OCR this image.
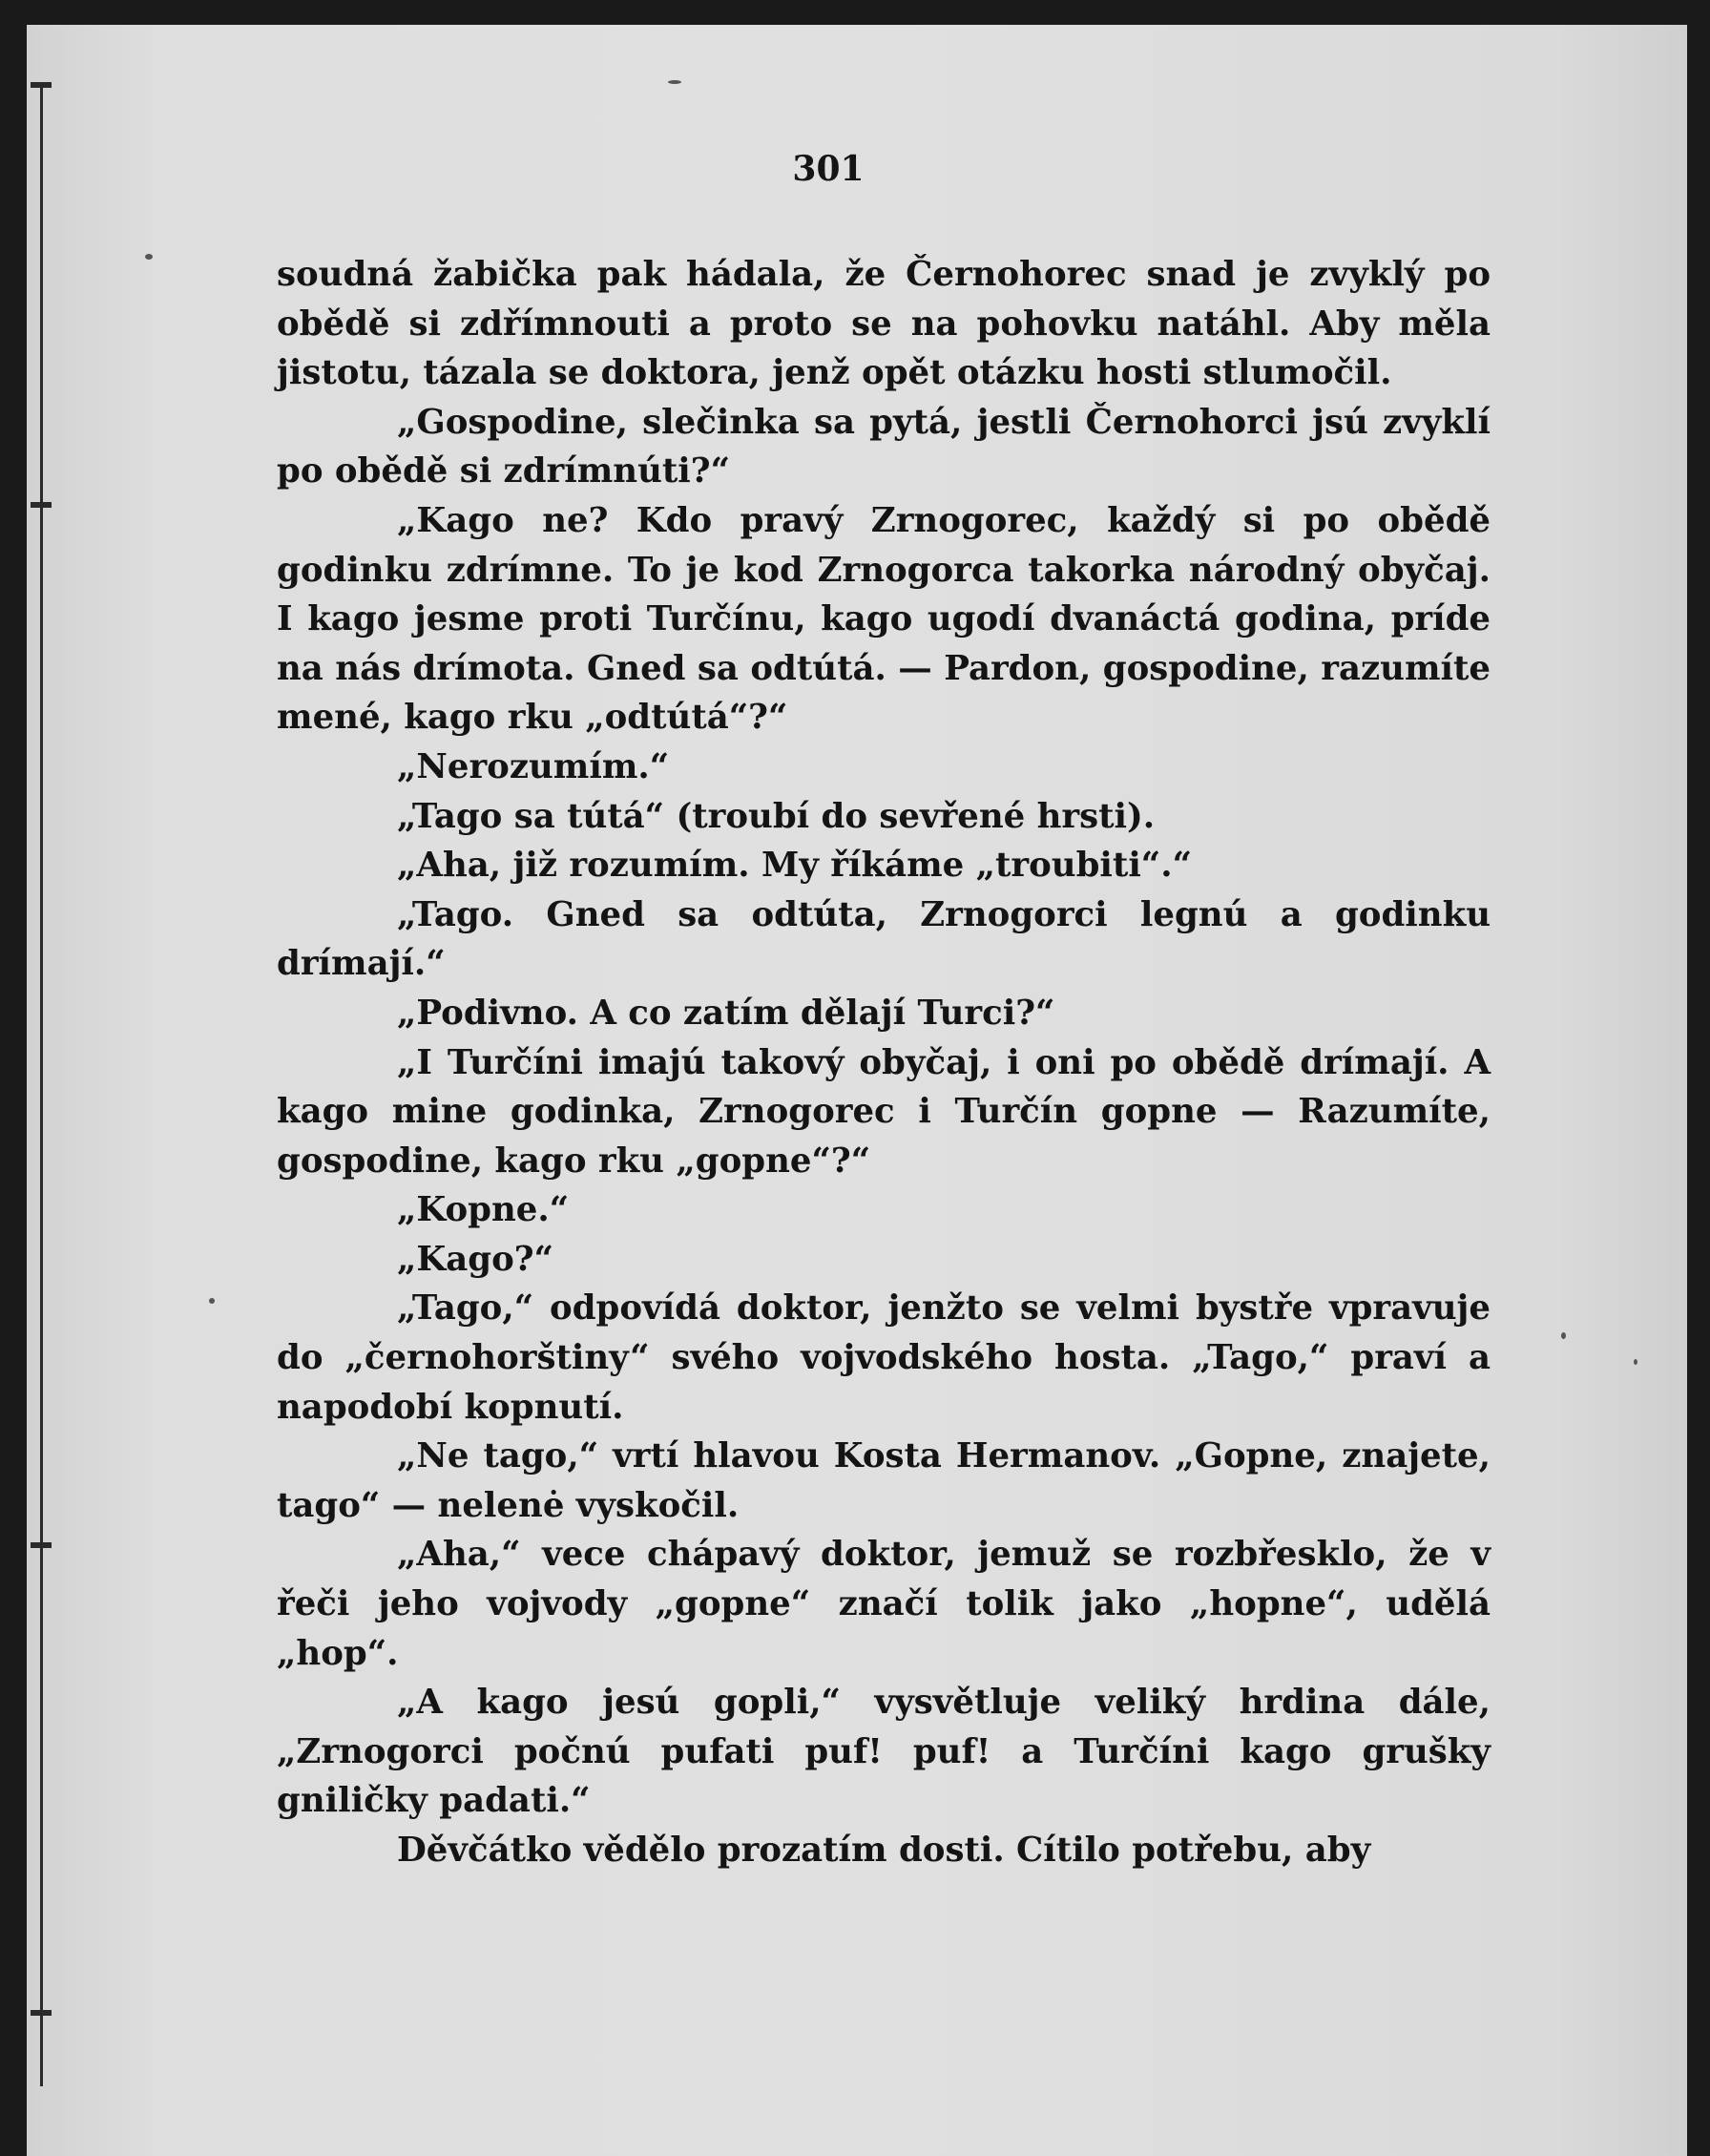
301

soudná žabička pak hádala, že Černohorec snad je zvyklý po obědě si zdřímnouti a proto se na pohovku natáhl. Aby měla jistotu, tázala se doktora, jenž opět otázku hosti stlumočil.

„Gospodine, slečinka sa pytá, jestli Černohorci jsú zvyklí po obědě si zdrímnúti?“

„Kago ne? Kdo pravý Zrnogorec, každý si po obědě godinku zdrímne. To je kod Zrnogorca takorka národný obyčaj. I kago jesme proti Turčínu, kago ugodí dvanáctá godina, príde na nás drímota. Gned sa odtútá. — Pardon, gospodine, razumíte mené, kago rku „odtútá“?“

„Nerozumím.“

„Tago sa tútá“ (troubí do sevřené hrsti).

„Aha, již rozumím. My říkáme „troubiti“.“

„Tago. Gned sa odtúta, Zrnogorci legnú a godinku drímají.“

„Podivno. A co zatím dělají Turci?“

„I Turčíni imajú takový obyčaj, i oni po obědě drímají. A kago mine godinka, Zrnogorec i Turčín gopne — Razumíte, gospodine, kago rku „gopne“?“

„Kopne.“

„Kago?“

„Tago,“ odpovídá doktor, jenžto se velmi bystře vpravuje do „černohorštiny“ svého vojvodského hosta. „Tago,“ praví a napodobí kopnutí.

„Ne tago,“ vrtí hlavou Kosta Hermanov. „Gopne, znajete, tago“ — nelenė vyskočil.

„Aha,“ vece chápavý doktor, jemuž se rozbřesklo, že v řeči jeho vojvody „gopne“ značí tolik jako „hopne“, udělá „hop“.

„A kago jesú gopli,“ vysvětluje veliký hrdina dále, „Zrnogorci počnú pufati puf! puf! a Turčíni kago grušky gniličky padati.“

Děvčátko vědělo prozatím dosti. Cítilo potřebu, aby
